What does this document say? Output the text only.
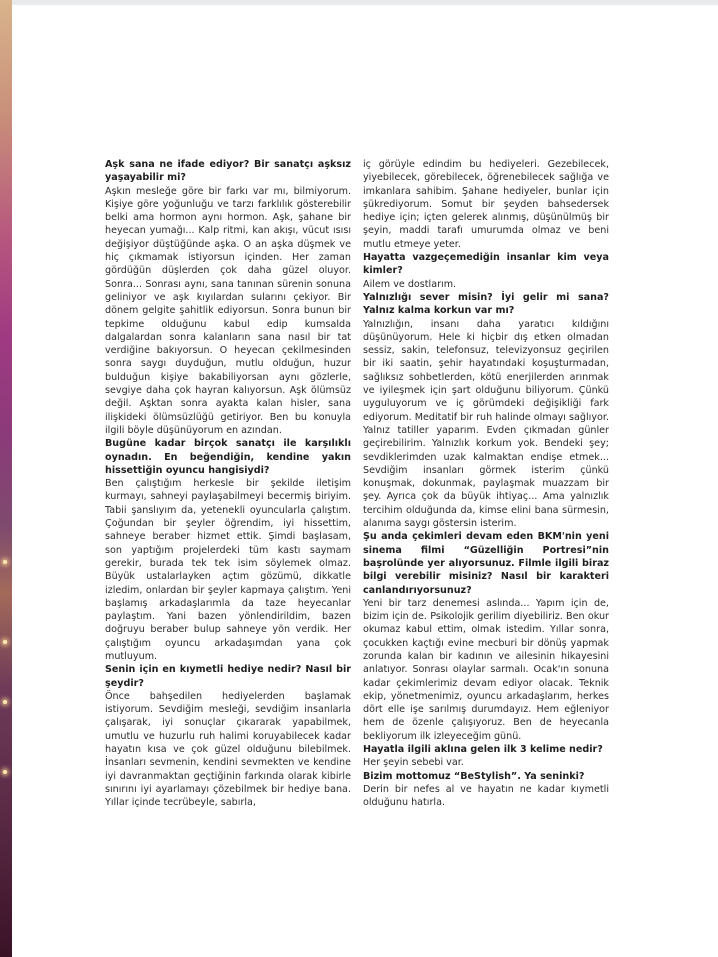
Aşk sana ne ifade ediyor? Bir sanatçı aşksız yaşayabilir mi?

Aşkın mesleğe göre bir farkı var mı, bilmiyorum. Kişiye göre yoğunluğu ve tarzı farklılık gösterebilir belki ama hormon aynı hormon. Aşk, şahane bir heyecan yumağı... Kalp ritmi, kan akışı, vücut ısısı değişiyor düştüğünde aşka. O an aşka düşmek ve hiç çıkmamak istiyorsun içinden. Her zaman gördüğün düşlerden çok daha güzel oluyor. Sonra... Sonrası aynı, sana tanınan sürenin sonuna geliniyor ve aşk kıyılardan sularını çekiyor. Bir dönem gelgite şahitlik ediyorsun. Sonra bunun bir tepkime olduğunu kabul edip kumsalda dalgalardan sonra kalanların sana nasıl bir tat verdiğine bakıyorsun. O heyecan çekilmesinden sonra saygı duyduğun, mutlu olduğun, huzur bulduğun kişiye bakabiliyorsan aynı gözlerle, sevgiye daha çok hayran kalıyorsun. Aşk ölümsüz değil. Aşktan sonra ayakta kalan hisler, sana ilişkideki ölümsüzlüğü getiriyor. Ben bu konuyla ilgili böyle düşünüyorum en azından.

Bugüne kadar birçok sanatçı ile karşılıklı oynadın. En beğendiğin, kendine yakın hissettiğin oyuncu hangisiydi?

Ben çalıştığım herkesle bir şekilde iletişim kurmayı, sahneyi paylaşabilmeyi becermiş biriyim. Tabii şanslıyım da, yetenekli oyuncularla çalıştım. Çoğundan bir şeyler öğrendim, iyi hissettim, sahneye beraber hizmet ettik. Şimdi başlasam, son yaptığım projelerdeki tüm kastı saymam gerekir, burada tek tek isim söylemek olmaz. Büyük ustalarlayken açtım gözümü, dikkatle izledim, onlardan bir şeyler kapmaya çalıştım. Yeni başlamış arkadaşlarımla da taze heyecanlar paylaştım. Yani bazen yönlendirildim, bazen doğruyu beraber bulup sahneye yön verdik. Her çalıştığım oyuncu arkadaşımdan yana çok mutluyum.

Senin için en kıymetli hediye nedir? Nasıl bir şeydir?

Önce bahşedilen hediyelerden başlamak istiyorum. Sevdiğim mesleği, sevdiğim insanlarla çalışarak, iyi sonuçlar çıkararak yapabilmek, umutlu ve huzurlu ruh halimi koruyabilecek kadar hayatın kısa ve çok güzel olduğunu bilebilmek. İnsanları sevmenin, kendini sevmekten ve kendine iyi davranmaktan geçtiğinin farkında olarak kibirle sınırını iyi ayarlamayı çözebilmek bir hediye bana. Yıllar içinde tecrübeyle, sabırla,

iç görüyle edindim bu hediyeleri. Gezebilecek, yiyebilecek, görebilecek, öğrenebilecek sağlığa ve imkanlara sahibim. Şahane hediyeler, bunlar için şükrediyorum. Somut bir şeyden bahsedersek hediye için; içten gelerek alınmış, düşünülmüş bir şeyin, maddi tarafı umurumda olmaz ve beni mutlu etmeye yeter.

Hayatta vazgeçemediğin insanlar kim veya kimler?

Ailem ve dostlarım.

Yalnızlığı sever misin? İyi gelir mi sana? Yalnız kalma korkun var mı?

Yalnızlığın, insanı daha yaratıcı kıldığını düşünüyorum. Hele ki hiçbir dış etken olmadan sessiz, sakin, telefonsuz, televizyonsuz geçirilen bir iki saatin, şehir hayatındaki koşuşturmadan, sağlıksız sohbetlerden, kötü enerjilerden arınmak ve iyileşmek için şart olduğunu biliyorum. Çünkü uyguluyorum ve iç görümdeki değişikliği fark ediyorum. Meditatif bir ruh halinde olmayı sağlıyor. Yalnız tatiller yaparım. Evden çıkmadan günler geçirebilirim. Yalnızlık korkum yok. Bendeki şey; sevdiklerimden uzak kalmaktan endişe etmek... Sevdiğim insanları görmek isterim çünkü konuşmak, dokunmak, paylaşmak muazzam bir şey. Ayrıca çok da büyük ihtiyaç... Ama yalnızlık tercihim olduğunda da, kimse elini bana sürmesin, alanıma saygı göstersin isterim.

Şu anda çekimleri devam eden BKM'nin yeni sinema filmi “Güzelliğin Portresi”nin başrolünde yer alıyorsunuz. Filmle ilgili biraz bilgi verebilir misiniz? Nasıl bir karakteri canlandırıyorsunuz?

Yeni bir tarz denemesi aslında... Yapım için de, bizim için de. Psikolojik gerilim diyebiliriz. Ben okur okumaz kabul ettim, olmak istedim. Yıllar sonra, çocukken kaçtığı evine mecburi bir dönüş yapmak zorunda kalan bir kadının ve ailesinin hikayesini anlatıyor. Sonrası olaylar sarmalı. Ocak'ın sonuna kadar çekimlerimiz devam ediyor olacak. Teknik ekip, yönetmenimiz, oyuncu arkadaşlarım, herkes dört elle işe sarılmış durumdayız. Hem eğleniyor hem de özenle çalışıyoruz. Ben de heyecanla bekliyorum ilk izleyeceğim günü.

Hayatla ilgili aklına gelen ilk 3 kelime nedir?

Her şeyin sebebi var.

Bizim mottomuz “BeStylish”. Ya seninki?

Derin bir nefes al ve hayatın ne kadar kıymetli olduğunu hatırla.
